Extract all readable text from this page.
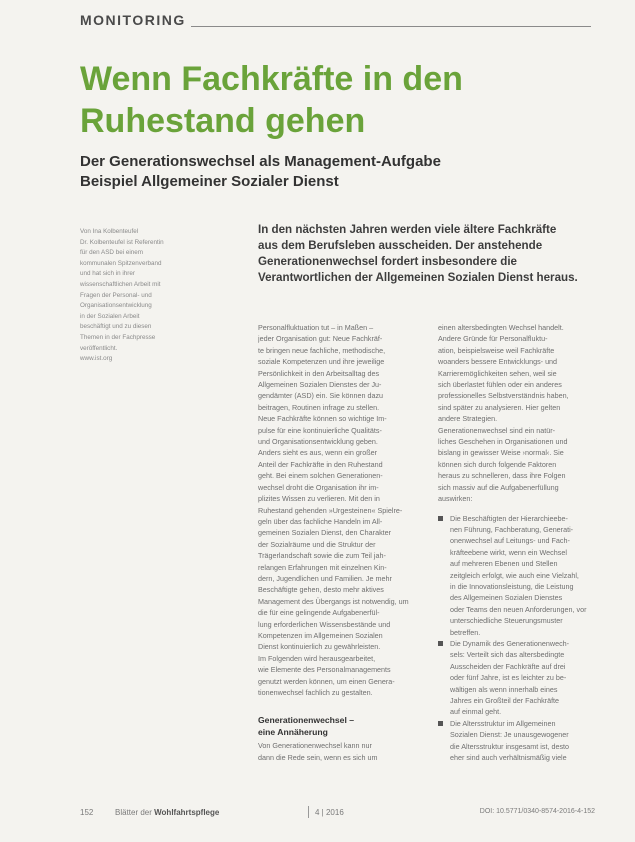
MONITORING
Wenn Fachkräfte in den
Ruhestand gehen
Der Generationswechsel als Management-Aufgabe
Beispiel Allgemeiner Sozialer Dienst
Von Ina Kolbenteufel
Dr. Kolbenteufel ist Referentin
für den ASD bei einem
kommunalen Spitzenverband
und hat sich in ihrer
wissenschaftlichen Arbeit mit
Fragen der Personal- und
Organisationsentwicklung
in der Sozialen Arbeit
beschäftigt und zu diesen
Themen in der Fachpresse
veröffentlicht.
www.ist.org
In den nächsten Jahren werden viele ältere Fachkräfte
aus dem Berufsleben ausscheiden. Der anstehende
Generationenwechsel fordert insbesondere die
Verantwortlichen der Allgemeinen Sozialen Dienst heraus.
Personalfluktuation tut – in Maßen –
jeder Organisation gut: Neue Fachkräf-
te bringen neue fachliche, methodische,
soziale Kompetenzen und ihre jeweilige
Persönlichkeit in den Arbeitsalltag des
Allgemeinen Sozialen Dienstes der Ju-
gendämter (ASD) ein. Sie können dazu
beitragen, Routinen infrage zu stellen.
Neue Fachkräfte können so wichtige Im-
pulse für eine kontinuierliche Qualitäts-
und Organisationsentwicklung geben.
Anders sieht es aus, wenn ein großer
Anteil der Fachkräfte in den Ruhestand
geht. Bei einem solchen Generationen-
wechsel droht die Organisation ihr im-
plizites Wissen zu verlieren. Mit den in
Ruhestand gehenden »Urgesteinen« Spielre-
geln über das fachliche Handeln im All-
gemeinen Sozialen Dienst, den Charakter
der Sozialräume und die Struktur der
Trägerlandschaft sowie die zum Teil jah-
relangen Erfahrungen mit einzelnen Kin-
dern, Jugendlichen und Familien. Je mehr
Beschäftigte gehen, desto mehr aktives
Management des Übergangs ist notwendig, um
die für eine gelingende Aufgabenerfül-
lung erforderlichen Wissensbestände und
Kompetenzen im Allgemeinen Sozialen
Dienst kontinuierlich zu gewährleisten.
Im Folgenden wird herausgearbeitet,
wie Elemente des Personalmanagements
genutzt werden können, um einen Genera-
tionenwechsel fachlich zu gestalten.
Generationenwechsel –
eine Annäherung
Von Generationenwechsel kann nur
dann die Rede sein, wenn es sich um
einen altersbedingten Wechsel handelt.
Andere Gründe für Personalfluktu-
ation, beispielsweise weil Fachkräfte
woanders bessere Entwicklungs- und
Karrieremöglichkeiten sehen, weil sie
sich überlastet fühlen oder ein anderes
professionelles Selbstverständnis haben,
sind später zu analysieren. Hier gelten
andere Strategien.
Generationenwechsel sind ein natür-
liches Geschehen in Organisationen und
bislang in gewisser Weise ›normal‹. Sie
können sich durch folgende Faktoren
heraus zu schnelleren, dass ihre Folgen
sich massiv auf die Aufgabenerfüllung
auswirken:
Die Beschäftigten der Hierarchieebe-
nen Führung, Fachberatung, Generati-
onenwechsel auf Leitungs- und Fach-
kräfteebene wirkt, wenn ein Wechsel
auf mehreren Ebenen und Stellen
zeitgleich erfolgt, wie auch eine Vielzahl,
in die Innovationsleistung, die Leistung
des Allgemeinen Sozialen Dienstes
oder Teams den neuen Anforderungen, vor
unterschiedliche Steuerungsmuster
betreffen.
Die Dynamik des Generationenwech-
sels: Verteilt sich das altersbedingte
Ausscheiden der Fachkräfte auf drei
oder fünf Jahre, ist es leichter zu be-
wältigen als wenn innerhalb eines
Jahres ein Großteil der Fachkräfte
auf einmal geht.
Die Altersstruktur im Allgemeinen
Sozialen Dienst: Je unausgewogener
die Altersstruktur insgesamt ist, desto
eher sind auch verhältnismäßig viele
152	Blätter der Wohlfahrtspflege	4 | 2016	DOI: 10.5771/0340-8574-2016-4-152
